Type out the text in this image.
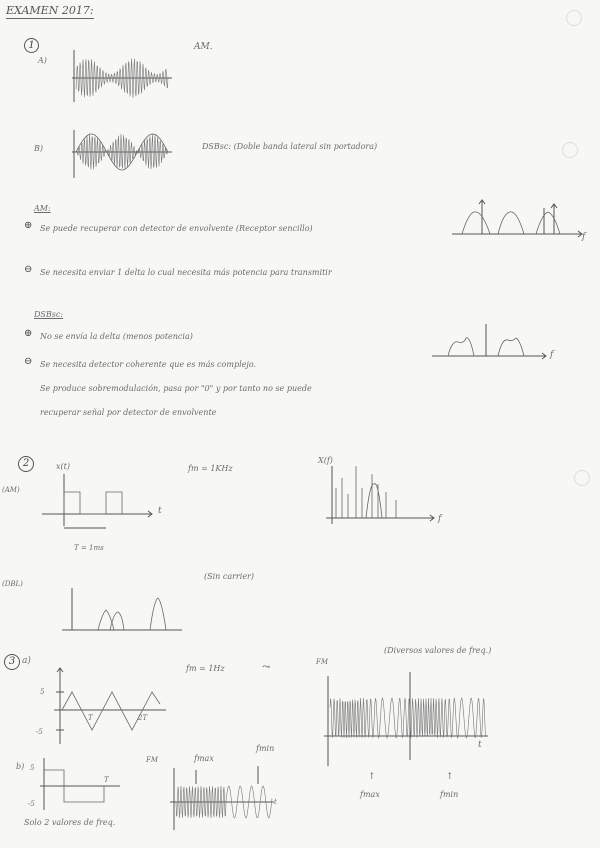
EXAMEN 2017:
1
A)
AM.
B)	DSBsc: (Doble banda lateral sin portadora)
AM:
⊕ Se puede recuperar con detector de envolvente (Receptor sencillo)
f
⊖ Se necesita enviar 1 delta lo cual necesita más potencia para transmitir
DSBsc:
⊕ No se envía la delta (menos potencia)
f
⊖ Se necesita detector coherente que es más complejo.
Se produce sobremodulación, pasa por "0" y por tanto no se puede
recuperar señal por detector de envolvente
2
(AM)
x(t)
t
T = 1ms
fm = 1KHz
X(f)
f
(DBL)
(Sin carrier)
3 a)
fm = 1Hz	⤳
5
-5
T	2T
FM
(Diversos valores de freq.)
t
↑
fmax
↑
fmin
b) 5
-5
T
Solo 2 valores de freq.
FM	fmax
fmin
t
